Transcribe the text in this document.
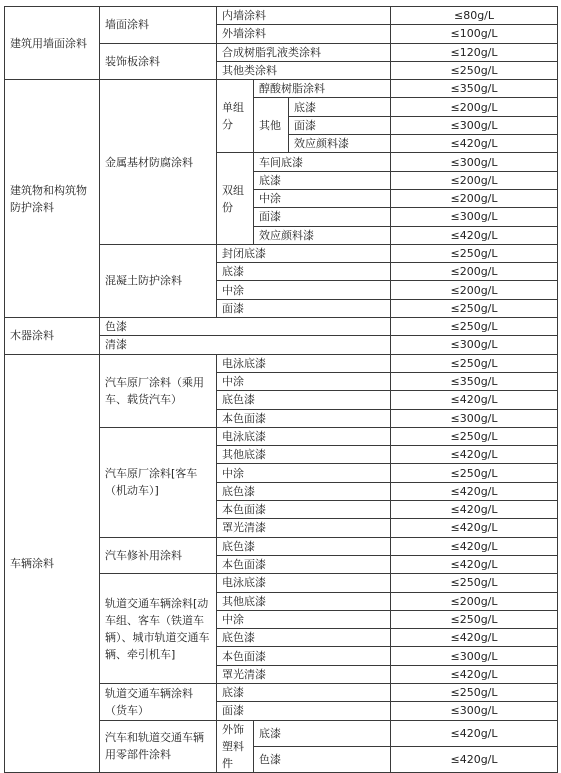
建筑用墙面涂料	墙面涂料	内墙涂料			≤80g/L
		外墙涂料			≤100g/L
	装饰板涂料	合成树脂乳液类涂料			≤120g/L
		其他类涂料			≤250g/L
建筑物和构筑物防护涂料	金属基材防腐涂料	单组分	醇酸树脂涂料		≤350g/L
			其他	底漆	≤200g/L
				面漆	≤300g/L
				效应颜料漆	≤420g/L
		双组份	车间底漆		≤300g/L
			底漆		≤200g/L
			中涂		≤200g/L
			面漆		≤300g/L
			效应颜料漆		≤420g/L
	混凝土防护涂料	封闭底漆			≤250g/L
		底漆			≤200g/L
		中涂			≤200g/L
		面漆			≤250g/L
木器涂料	色漆				≤250g/L
	清漆				≤300g/L
车辆涂料	汽车原厂涂料（乘用车、载货汽车）	电泳底漆			≤250g/L
		中涂			≤350g/L
		底色漆			≤420g/L
		本色面漆			≤300g/L
	汽车原厂涂料[客车（机动车）]	电泳底漆			≤250g/L
		其他底漆			≤420g/L
		中涂			≤250g/L
		底色漆			≤420g/L
		本色面漆			≤420g/L
		罩光清漆			≤420g/L
	汽车修补用涂料	底色漆			≤420g/L
		本色面漆			≤420g/L
	轨道交通车辆涂料[动车组、客车（铁道车辆）、城市轨道交通车辆、牵引机车]	电泳底漆			≤250g/L
		其他底漆			≤200g/L
		中涂			≤250g/L
		底色漆			≤420g/L
		本色面漆			≤300g/L
		罩光清漆			≤420g/L
	轨道交通车辆涂料（货车）	底漆			≤250g/L
		面漆			≤300g/L
	汽车和轨道交通车辆用零部件涂料	外饰塑料件	底漆		≤420g/L
			色漆		≤420g/L
